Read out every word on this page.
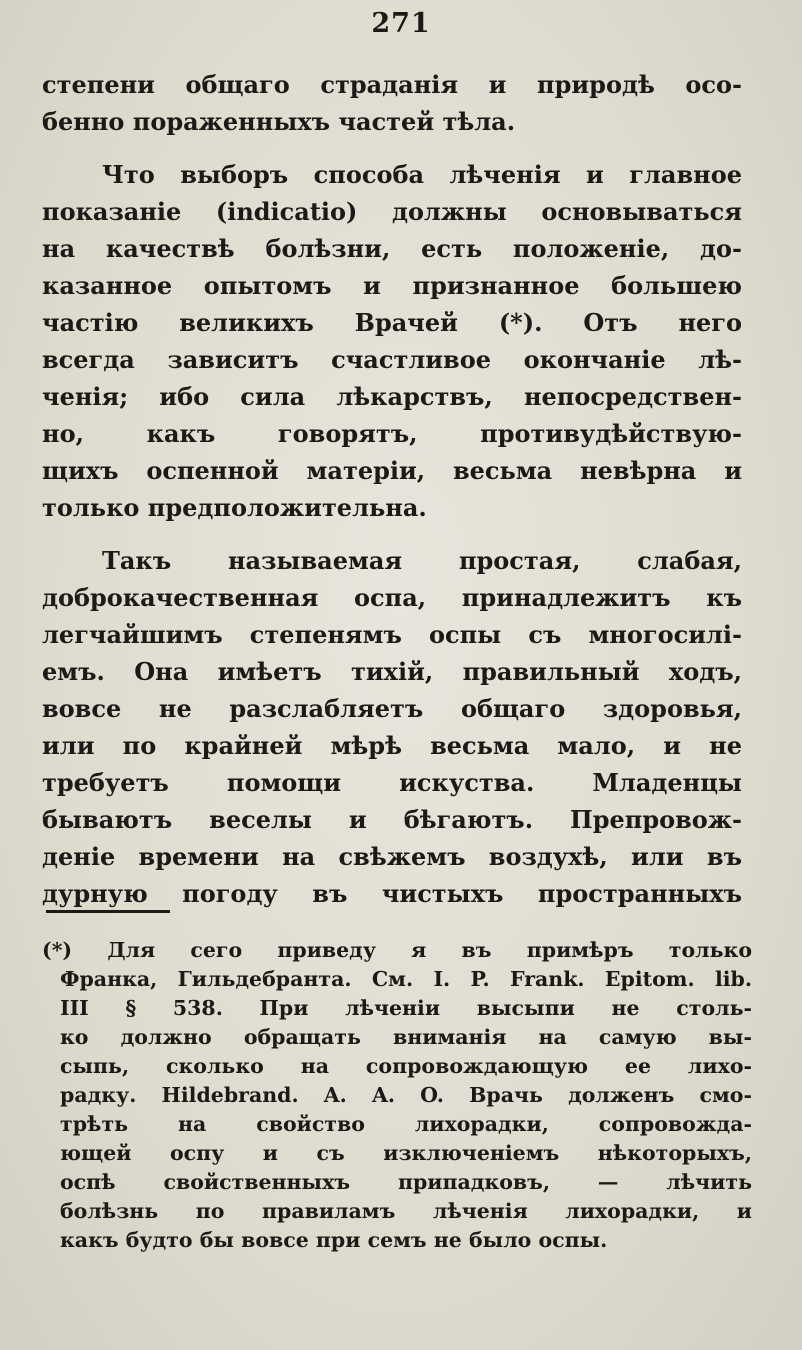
271
степени общаго страданія и природѣ осо-
бенно пораженныхъ частей тѣла.
Что выборъ способа лѣченія и главное
показаніе (indicatio) должны основываться
на качествѣ болѣзни, есть положеніе, до-
казанное опытомъ и признанное большею
частію великихъ Врачей (*). Отъ него
всегда зависитъ счастливое окончаніе лѣ-
ченія; ибо сила лѣкарствъ, непосредствен-
но, какъ говорятъ, противудѣйствую-
щихъ оспенной матеріи, весьма невѣрна и
только предположительна.
Такъ называемая простая, слабая,
доброкачественная оспа, принадлежитъ къ
легчайшимъ степенямъ оспы съ многосилі-
емъ. Она имѣетъ тихій, правильный ходъ,
вовсе не разслабляетъ общаго здоровья,
или по крайней мѣрѣ весьма мало, и не
требуетъ помощи искуства. Младенцы
бываютъ веселы и бѣгаютъ. Препровож-
деніе времени на свѣжемъ воздухѣ, или въ
дурную погоду въ чистыхъ пространныхъ
(*) Для сего приведу я въ примѣръ только
Франка, Гильдебранта. См. I. P. Frank. Epitom. lib.
III § 538. При лѣченіи высыпи не столь-
ко должно обращать вниманія на самую вы-
сыпь, сколько на сопровождающую ее лихо-
радку. Hildebrand. A. A. O. Врачь долженъ смо-
трѣть на свойство лихорадки, сопровожда-
ющей оспу и съ изключеніемъ нѣкоторыхъ,
оспѣ свойственныхъ припадковъ, — лѣчить
болѣзнь по правиламъ лѣченія лихорадки, и
какъ будто бы вовсе при семъ не было оспы.
